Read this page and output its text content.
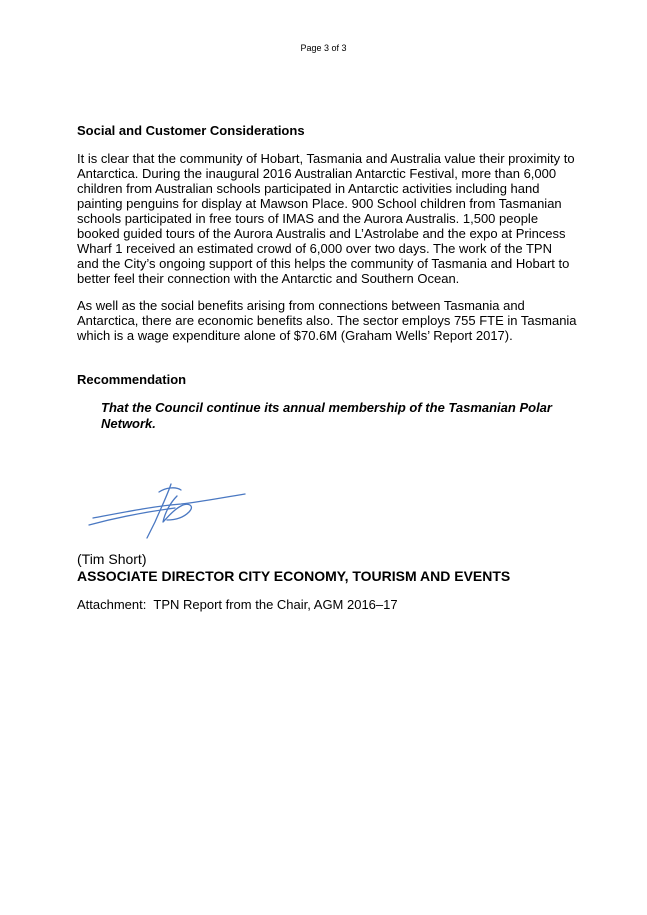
Page 3 of 3
Social and Customer Considerations

It is clear that the community of Hobart, Tasmania and Australia value their proximity to Antarctica. During the inaugural 2016 Australian Antarctic Festival, more than 6,000 children from Australian schools participated in Antarctic activities including hand painting penguins for display at Mawson Place. 900 School children from Tasmanian schools participated in free tours of IMAS and the Aurora Australis. 1,500 people booked guided tours of the Aurora Australis and L’Astrolabe and the expo at Princess Wharf 1 received an estimated crowd of 6,000 over two days. The work of the TPN and the City’s ongoing support of this helps the community of Tasmania and Hobart to better feel their connection with the Antarctic and Southern Ocean.

As well as the social benefits arising from connections between Tasmania and Antarctica, there are economic benefits also. The sector employs 755 FTE in Tasmania which is a wage expenditure alone of $70.6M (Graham Wells’ Report 2017).

Recommendation

That the Council continue its annual membership of the Tasmanian Polar Network.

(Tim Short)
ASSOCIATE DIRECTOR CITY ECONOMY, TOURISM AND EVENTS
Attachment: TPN Report from the Chair, AGM 2016–17
